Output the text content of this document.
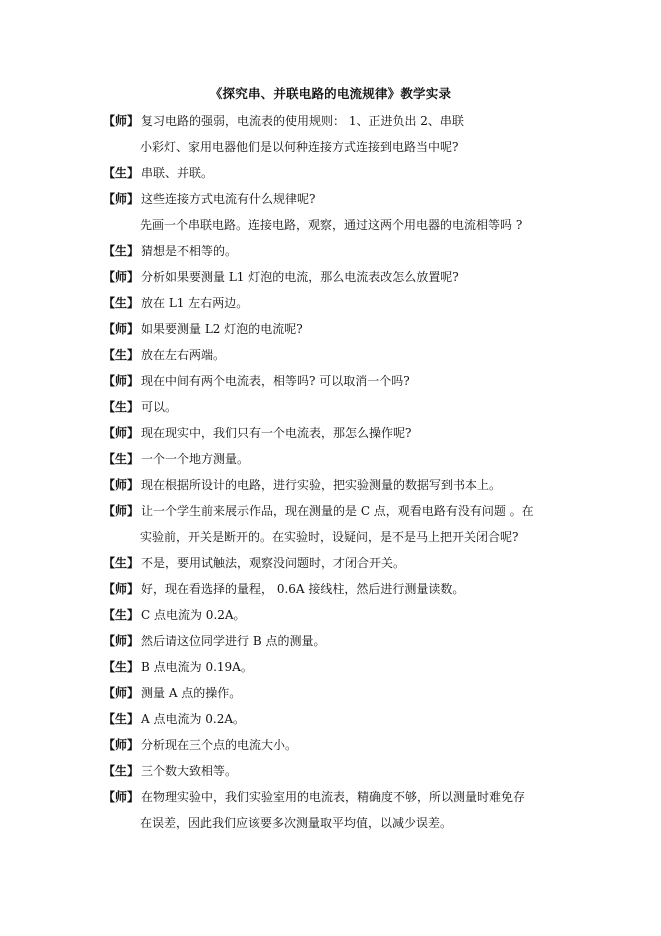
《探究串、并联电路的电流规律》教学实录
【师】 复习电路的强弱，电流表的使用规则： 1、正进负出 2、串联
小彩灯、家用电器他们是以何种连接方式连接到电路当中呢?
【生】 串联、并联。
【师】 这些连接方式电流有什么规律呢?
先画一个串联电路。连接电路，观察，通过这两个用电器的电流相等吗 ?
【生】 猜想是不相等的。
【师】 分析如果要测量 L1 灯泡的电流，那么电流表改怎么放置呢?
【生】 放在 L1 左右两边。
【师】 如果要测量 L2 灯泡的电流呢?
【生】 放在左右两端。
【师】 现在中间有两个电流表，相等吗? 可以取消一个吗?
【生】 可以。
【师】 现在现实中，我们只有一个电流表，那怎么操作呢?
【生】 一个一个地方测量。
【师】 现在根据所设计的电路，进行实验，把实验测量的数据写到书本上。
【师】 让一个学生前来展示作品，现在测量的是 C 点，观看电路有没有问题 。在
实验前，开关是断开的。在实验时，设疑问，是不是马上把开关闭合呢?
【生】 不是，要用试触法，观察没问题时，才闭合开关。
【师】 好，现在看选择的量程， 0.6A 接线柱，然后进行测量读数。
【生】 C 点电流为 0.2A。
【师】 然后请这位同学进行 B 点的测量。
【生】 B 点电流为 0.19A。
【师】 测量 A 点的操作。
【生】 A 点电流为 0.2A。
【师】 分析现在三个点的电流大小。
【生】 三个数大致相等。
【师】 在物理实验中，我们实验室用的电流表，精确度不够，所以测量时难免存
在误差，因此我们应该要多次测量取平均值，以减少误差。
